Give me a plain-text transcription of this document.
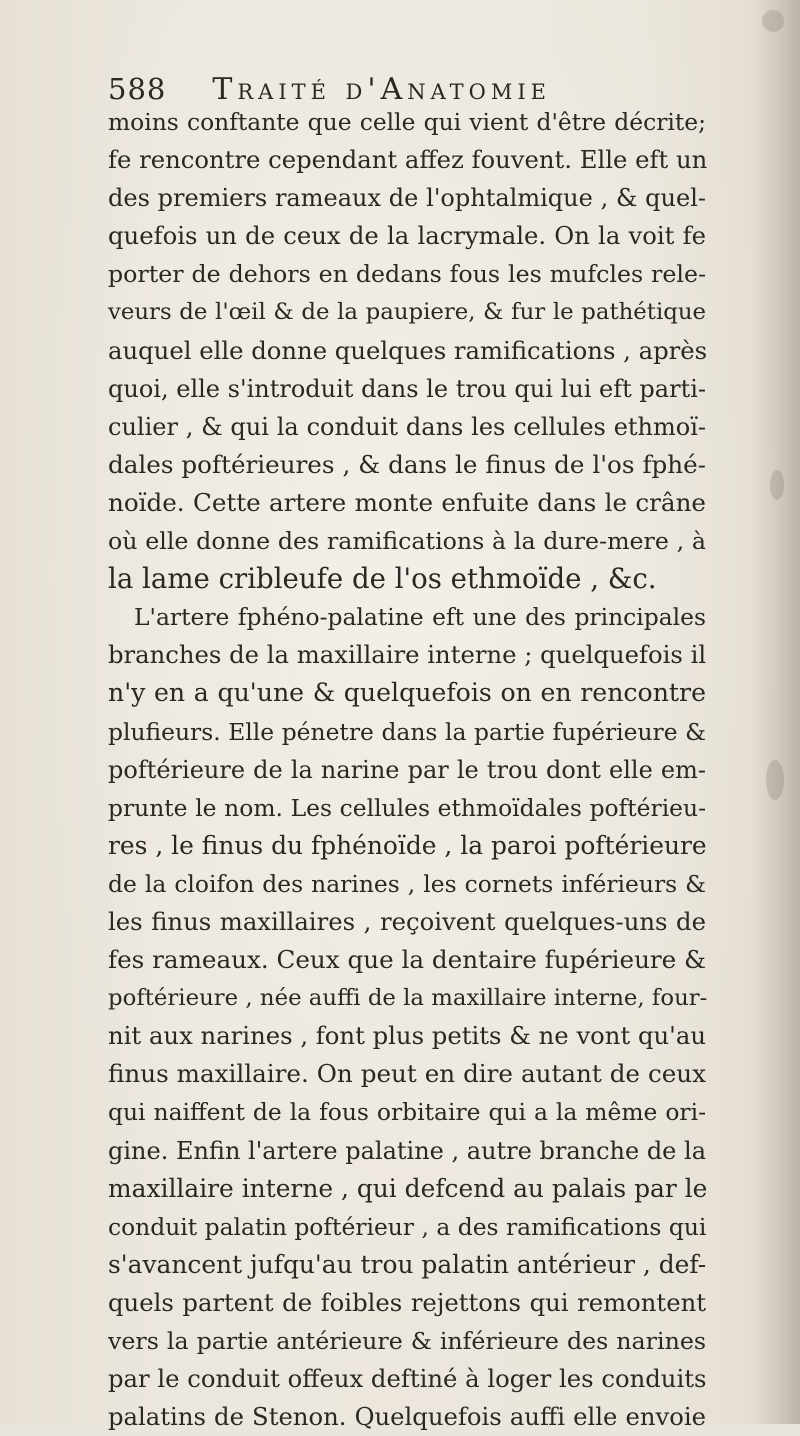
588 Traité d'Anatomie
moins conftante que celle qui vient d'être décrite;
fe rencontre cependant affez fouvent. Elle eft un
des premiers rameaux de l'ophtalmique , & quel-
quefois un de ceux de la lacrymale. On la voit fe
porter de dehors en dedans fous les mufcles rele-
veurs de l'œil & de la paupiere, & fur le pathétique
auquel elle donne quelques ramifications , après
quoi, elle s'introduit dans le trou qui lui eft parti-
culier , & qui la conduit dans les cellules ethmoï-
dales poftérieures , & dans le finus de l'os fphé-
noïde. Cette artere monte enfuite dans le crâne
où elle donne des ramifications à la dure-mere , à
la lame cribleufe de l'os ethmoïde , &c.
L'artere fphéno-palatine eft une des principales
branches de la maxillaire interne ; quelquefois il
n'y en a qu'une & quelquefois on en rencontre
plufieurs. Elle pénetre dans la partie fupérieure &
poftérieure de la narine par le trou dont elle em-
prunte le nom. Les cellules ethmoïdales poftérieu-
res , le finus du fphénoïde , la paroi poftérieure
de la cloifon des narines , les cornets inférieurs &
les finus maxillaires , reçoivent quelques-uns de
fes rameaux. Ceux que la dentaire fupérieure &
poftérieure , née auffi de la maxillaire interne, four-
nit aux narines , font plus petits & ne vont qu'au
finus maxillaire. On peut en dire autant de ceux
qui naiffent de la fous orbitaire qui a la même ori-
gine. Enfin l'artere palatine , autre branche de la
maxillaire interne , qui defcend au palais par le
conduit palatin poftérieur , a des ramifications qui
s'avancent jufqu'au trou palatin antérieur , def-
quels partent de foibles rejettons qui remontent
vers la partie antérieure & inférieure des narines
par le conduit offeux deftiné à loger les conduits
palatins de Stenon. Quelquefois auffi elle envoie
